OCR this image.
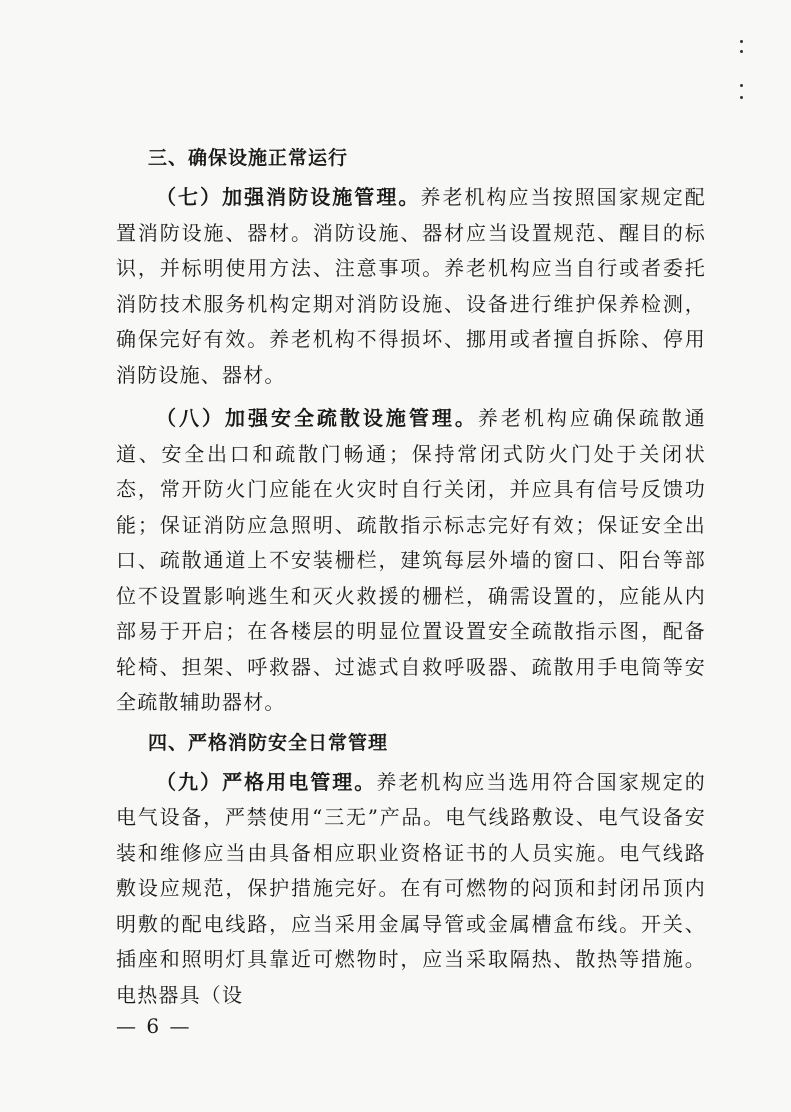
三、确保设施正常运行

（七）加强消防设施管理。养老机构应当按照国家规定配置消防设施、器材。消防设施、器材应当设置规范、醒目的标识，并标明使用方法、注意事项。养老机构应当自行或者委托消防技术服务机构定期对消防设施、设备进行维护保养检测，确保完好有效。养老机构不得损坏、挪用或者擅自拆除、停用消防设施、器材。

（八）加强安全疏散设施管理。养老机构应确保疏散通道、安全出口和疏散门畅通；保持常闭式防火门处于关闭状态，常开防火门应能在火灾时自行关闭，并应具有信号反馈功能；保证消防应急照明、疏散指示标志完好有效；保证安全出口、疏散通道上不安装栅栏，建筑每层外墙的窗口、阳台等部位不设置影响逃生和灭火救援的栅栏，确需设置的，应能从内部易于开启；在各楼层的明显位置设置安全疏散指示图，配备轮椅、担架、呼救器、过滤式自救呼吸器、疏散用手电筒等安全疏散辅助器材。

四、严格消防安全日常管理

（九）严格用电管理。养老机构应当选用符合国家规定的电气设备，严禁使用“三无”产品。电气线路敷设、电气设备安装和维修应当由具备相应职业资格证书的人员实施。电气线路敷设应规范，保护措施完好。在有可燃物的闷顶和封闭吊顶内明敷的配电线路，应当采用金属导管或金属槽盒布线。开关、插座和照明灯具靠近可燃物时，应当采取隔热、散热等措施。电热器具（设

— 6 —
